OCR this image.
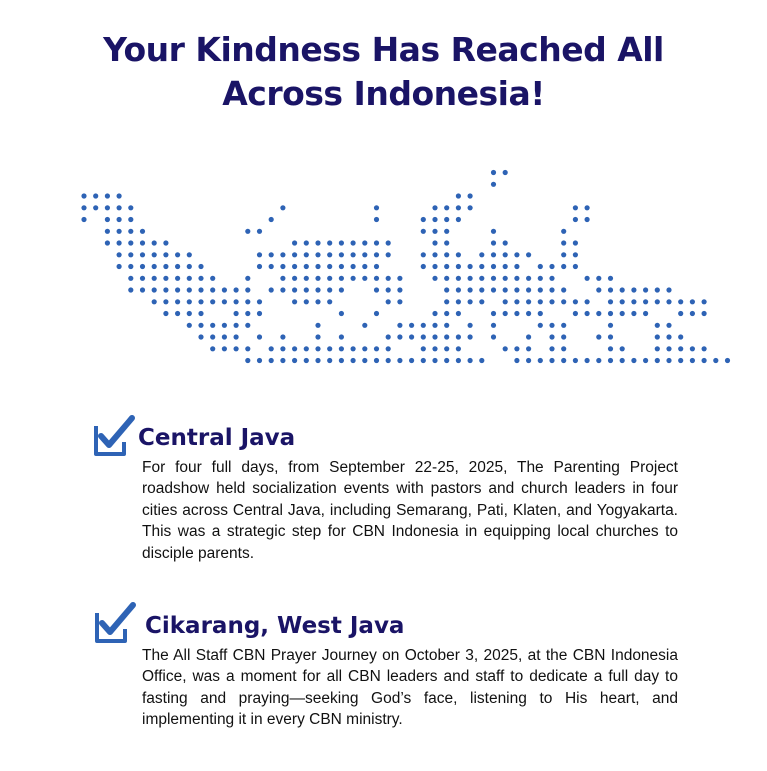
Your Kindness Has Reached All Across Indonesia!
Central Java

For four full days, from September 22-25, 2025, The Parenting Project roadshow held socialization events with pastors and church leaders in four cities across Central Java, including Semarang, Pati, Klaten, and Yogyakarta. This was a strategic step for CBN Indonesia in equipping local churches to disciple parents.

Cikarang, West Java

The All Staff CBN Prayer Journey on October 3, 2025, at the CBN Indonesia Office, was a moment for all CBN leaders and staff to dedicate a full day to fasting and praying—seeking God’s face, listening to His heart, and implementing it in every CBN ministry.
